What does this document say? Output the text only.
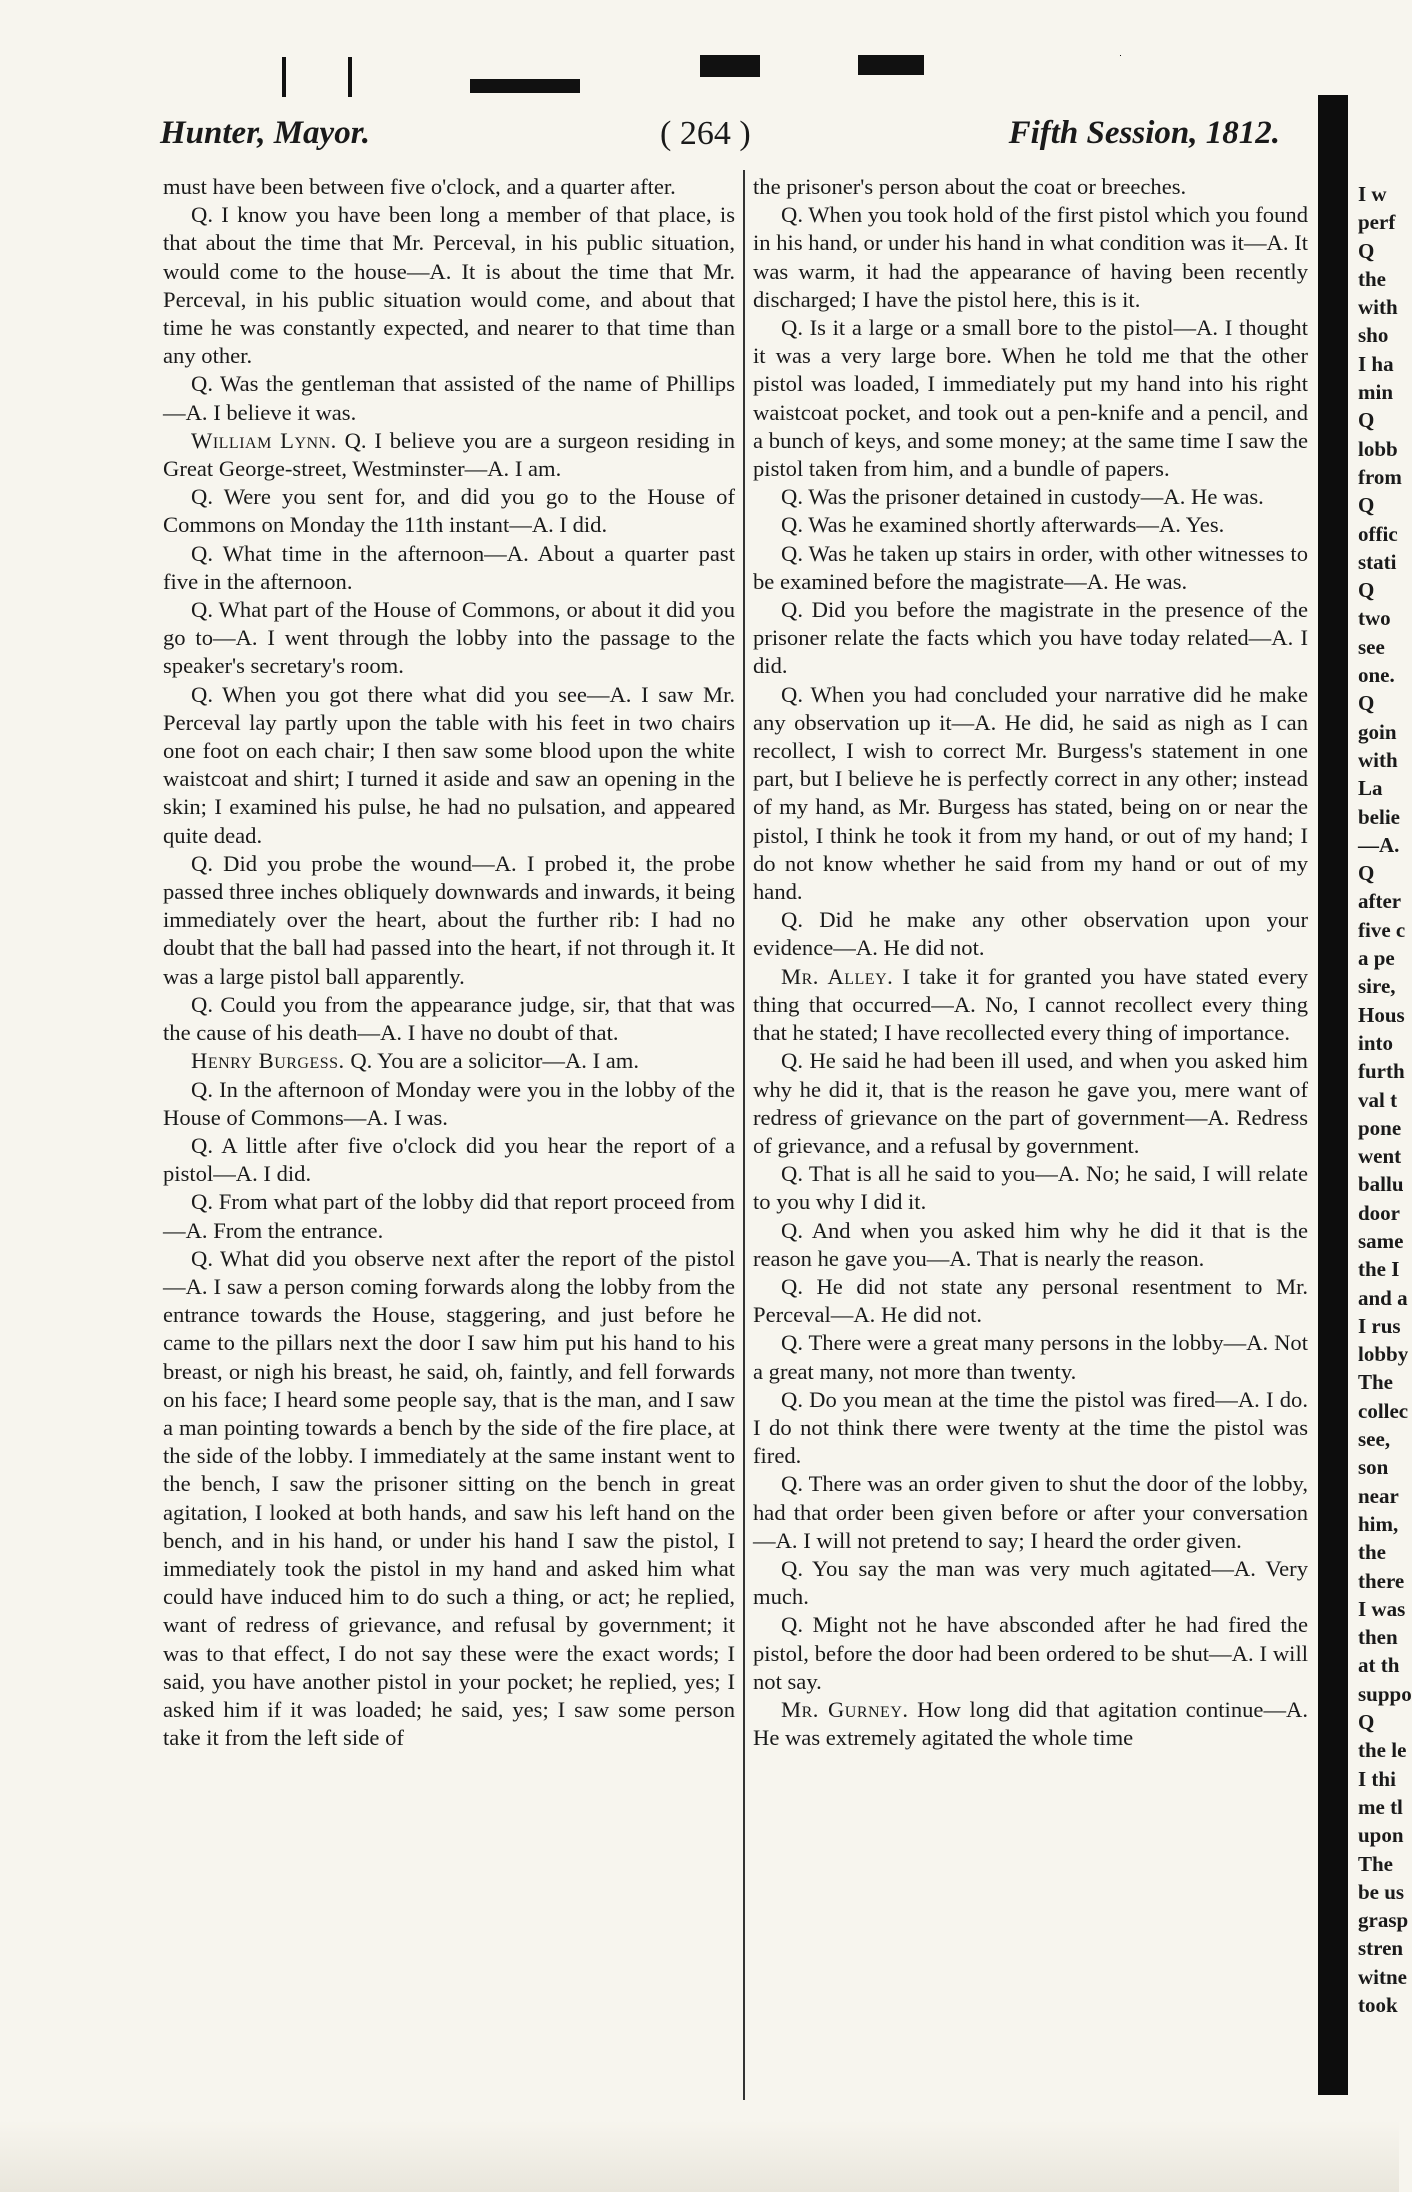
Hunter, Mayor.	( 264 )	Fifth Session, 1812.

must have been between five o'clock, and a quarter after.

Q. I know you have been long a member of that place, is that about the time that Mr. Perceval, in his public situation, would come to the house—A. It is about the time that Mr. Perceval, in his public situation would come, and about that time he was constantly expected, and nearer to that time than any other.

Q. Was the gentleman that assisted of the name of Phillips—A. I believe it was.

William Lynn. Q. I believe you are a surgeon residing in Great George-street, Westminster—A. I am.

Q. Were you sent for, and did you go to the House of Commons on Monday the 11th instant—A. I did.

Q. What time in the afternoon—A. About a quarter past five in the afternoon.

Q. What part of the House of Commons, or about it did you go to—A. I went through the lobby into the passage to the speaker's secretary's room.

Q. When you got there what did you see—A. I saw Mr. Perceval lay partly upon the table with his feet in two chairs one foot on each chair; I then saw some blood upon the white waistcoat and shirt; I turned it aside and saw an opening in the skin; I examined his pulse, he had no pulsation, and appeared quite dead.

Q. Did you probe the wound—A. I probed it, the probe passed three inches obliquely downwards and inwards, it being immediately over the heart, about the further rib: I had no doubt that the ball had passed into the heart, if not through it. It was a large pistol ball apparently.

Q. Could you from the appearance judge, sir, that that was the cause of his death—A. I have no doubt of that.

Henry Burgess. Q. You are a solicitor—A. I am.

Q. In the afternoon of Monday were you in the lobby of the House of Commons—A. I was.

Q. A little after five o'clock did you hear the report of a pistol—A. I did.

Q. From what part of the lobby did that report proceed from—A. From the entrance.

Q. What did you observe next after the report of the pistol—A. I saw a person coming forwards along the lobby from the entrance towards the House, staggering, and just before he came to the pillars next the door I saw him put his hand to his breast, or nigh his breast, he said, oh, faintly, and fell forwards on his face; I heard some people say, that is the man, and I saw a man pointing towards a bench by the side of the fire place, at the side of the lobby. I immediately at the same instant went to the bench, I saw the prisoner sitting on the bench in great agitation, I looked at both hands, and saw his left hand on the bench, and in his hand, or under his hand I saw the pistol, I immediately took the pistol in my hand and asked him what could have induced him to do such a thing, or act; he replied, want of redress of grievance, and refusal by government; it was to that effect, I do not say these were the exact words; I said, you have another pistol in your pocket; he replied, yes; I asked him if it was loaded; he said, yes; I saw some person take it from the left side of

the prisoner's person about the coat or breeches.

Q. When you took hold of the first pistol which you found in his hand, or under his hand in what condition was it—A. It was warm, it had the appearance of having been recently discharged; I have the pistol here, this is it.

Q. Is it a large or a small bore to the pistol—A. I thought it was a very large bore. When he told me that the other pistol was loaded, I immediately put my hand into his right waistcoat pocket, and took out a pen-knife and a pencil, and a bunch of keys, and some money; at the same time I saw the pistol taken from him, and a bundle of papers.

Q. Was the prisoner detained in custody—A. He was.

Q. Was he examined shortly afterwards—A. Yes.

Q. Was he taken up stairs in order, with other witnesses to be examined before the magistrate—A. He was.

Q. Did you before the magistrate in the presence of the prisoner relate the facts which you have today related—A. I did.

Q. When you had concluded your narrative did he make any observation up it—A. He did, he said as nigh as I can recollect, I wish to correct Mr. Burgess's statement in one part, but I believe he is perfectly correct in any other; instead of my hand, as Mr. Burgess has stated, being on or near the pistol, I think he took it from my hand, or out of my hand; I do not know whether he said from my hand or out of my hand.

Q. Did he make any other observation upon your evidence—A. He did not.

Mr. Alley. I take it for granted you have stated every thing that occurred—A. No, I cannot recollect every thing that he stated; I have recollected every thing of importance.

Q. He said he had been ill used, and when you asked him why he did it, that is the reason he gave you, mere want of redress of grievance on the part of government—A. Redress of grievance, and a refusal by government.

Q. That is all he said to you—A. No; he said, I will relate to you why I did it.

Q. And when you asked him why he did it that is the reason he gave you—A. That is nearly the reason.

Q. He did not state any personal resentment to Mr. Perceval—A. He did not.

Q. There were a great many persons in the lobby—A. Not a great many, not more than twenty.

Q. Do you mean at the time the pistol was fired—A. I do. I do not think there were twenty at the time the pistol was fired.

Q. There was an order given to shut the door of the lobby, had that order been given before or after your conversation—A. I will not pretend to say; I heard the order given.

Q. You say the man was very much agitated—A. Very much.

Q. Might not he have absconded after he had fired the pistol, before the door had been ordered to be shut—A. I will not say.

Mr. Gurney. How long did that agitation continue—A. He was extremely agitated the whole time

I w
perf
Q
the
with
sho
I ha
min
Q
lobb
from
Q
offic
stati
Q
two
see
one.
Q
goin
with
La
belie
—A.
Q
after
five c
a pe
sire,
Hous
into
furth
val t
pone
went
ballu
door
same
the I
and a
I rus
lobby
The
collec
see,
son
near
him,
the
there
I was
then
at th
suppo
Q
the le
I thi
me tl
upon
The
be us
grasp
stren
witne
took
